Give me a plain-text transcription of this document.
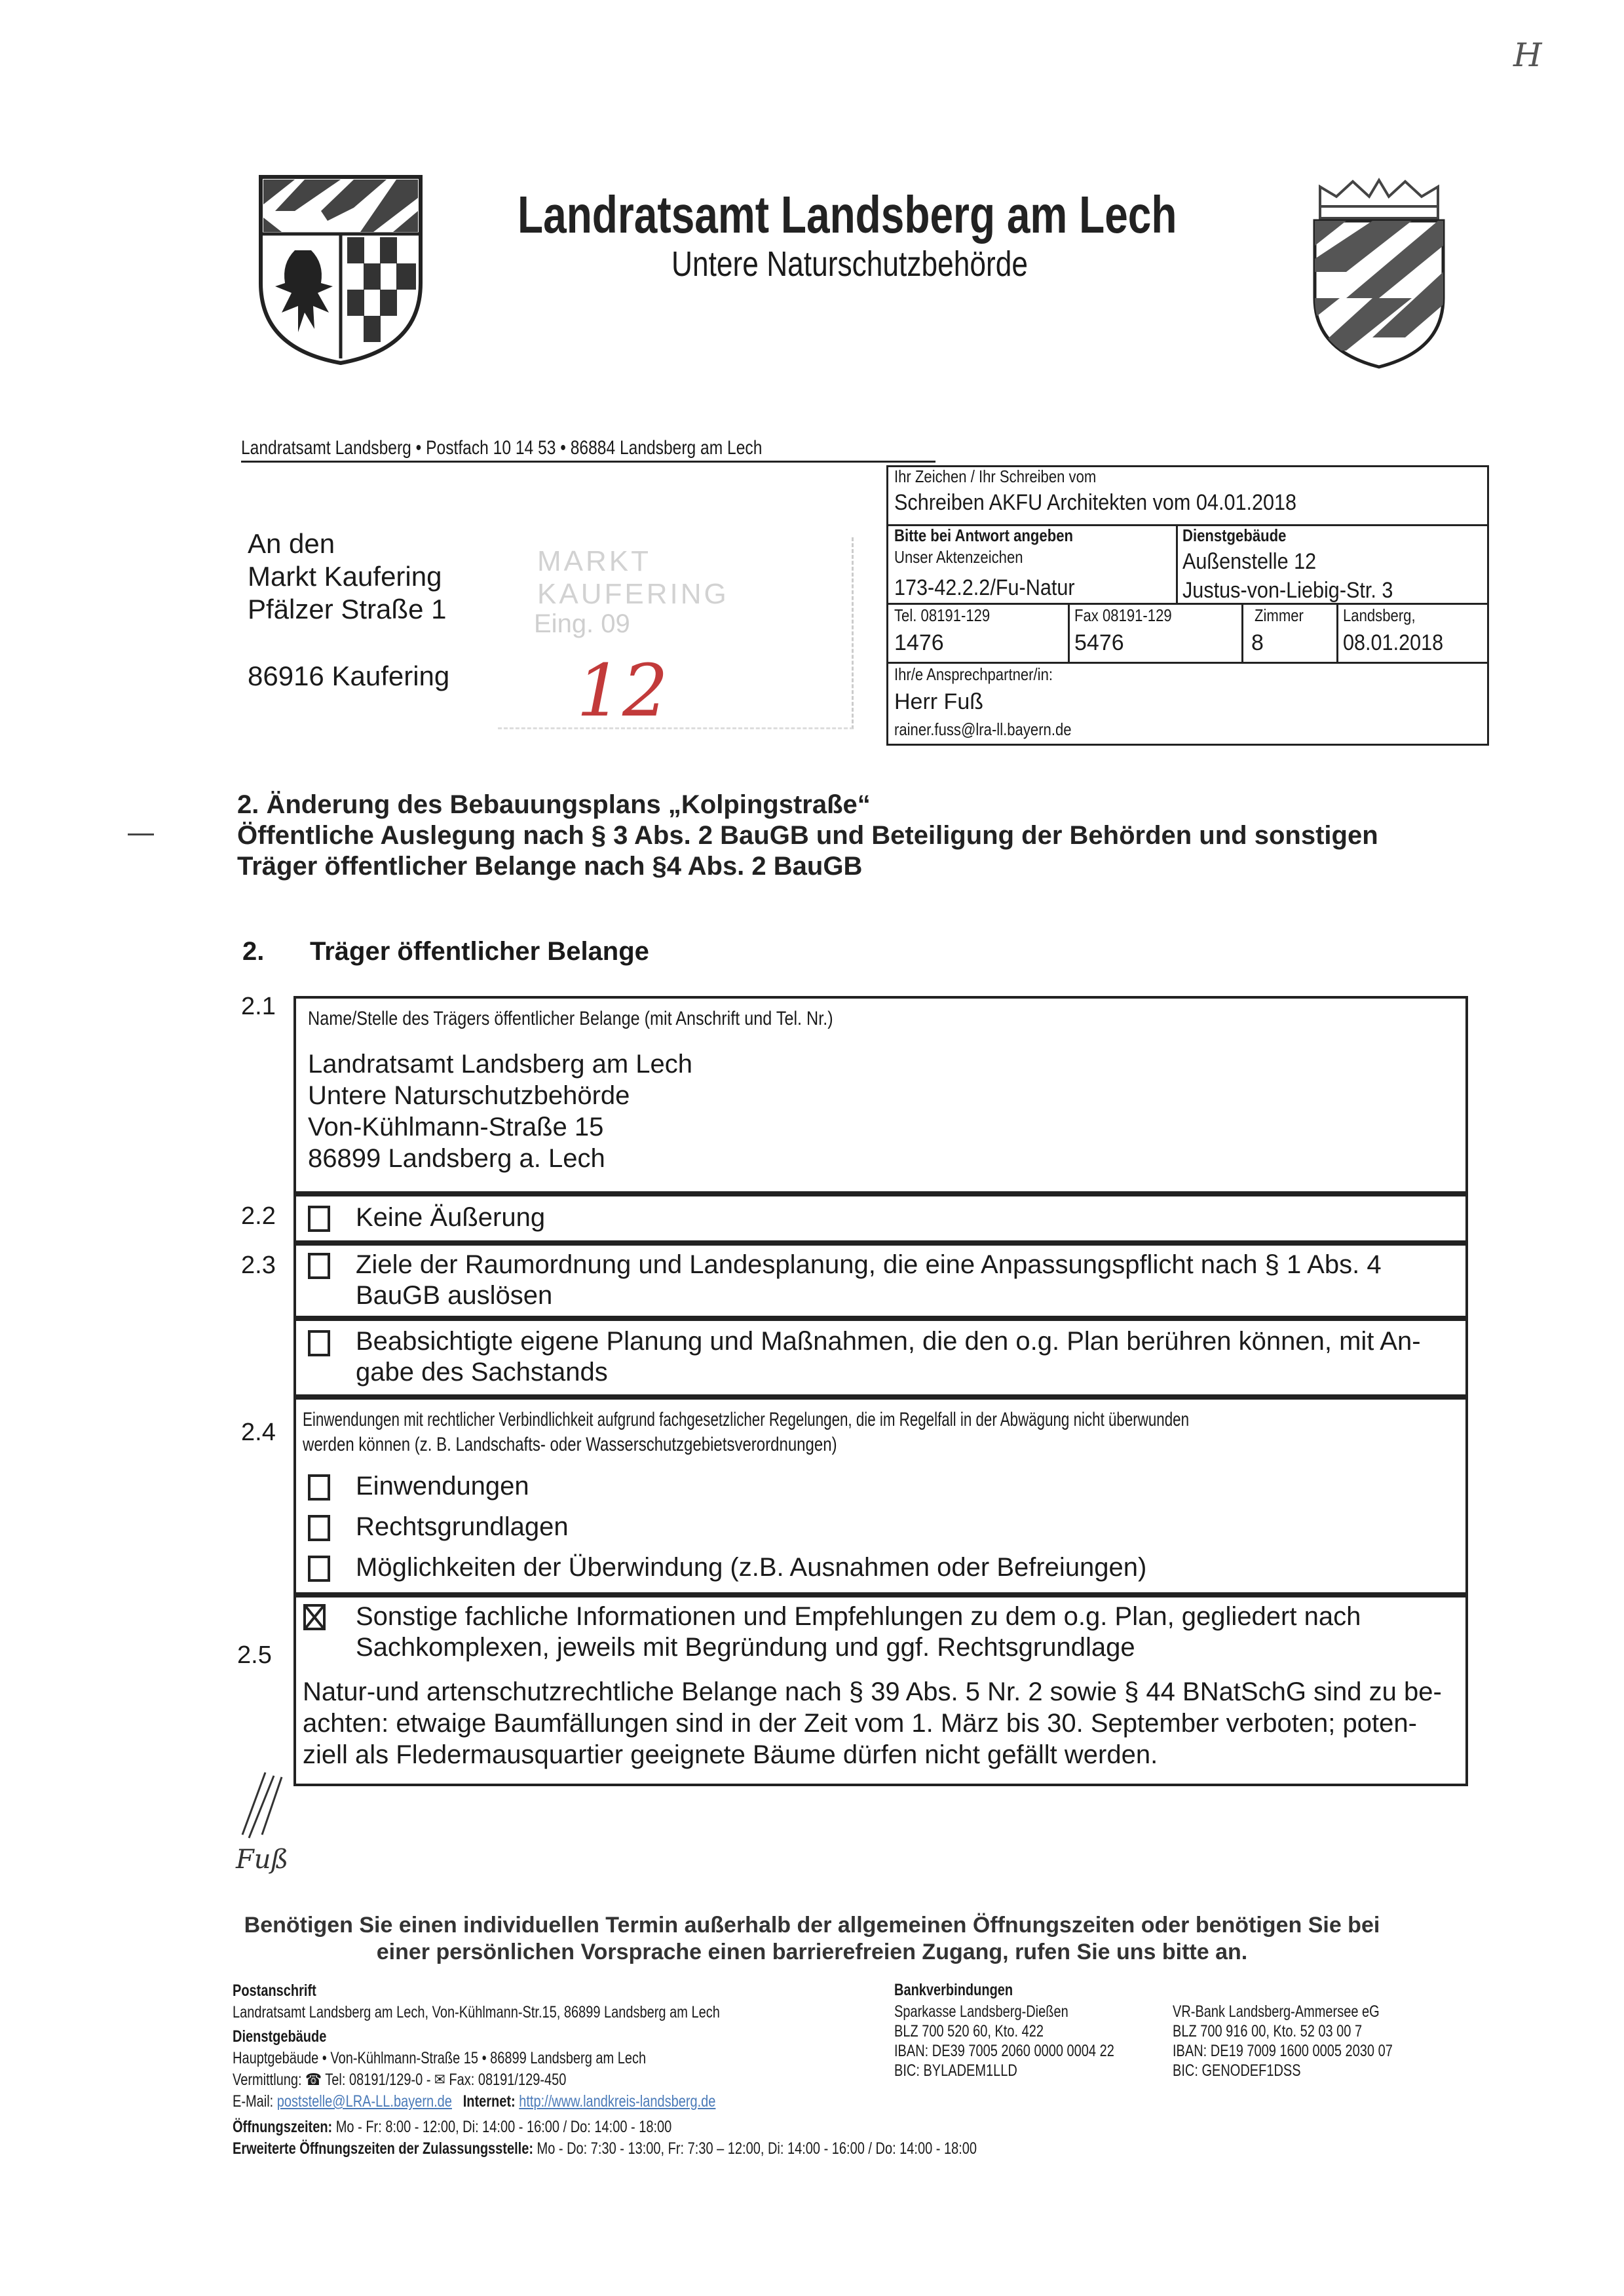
H
Landratsamt Landsberg am Lech
Untere Naturschutzbehörde
Landratsamt Landsberg • Postfach 10 14 53 • 86884 Landsberg am Lech
An den
Markt Kaufering
Pfälzer Straße 1
86916 Kaufering
MARKT KAUFERING
Eing. 09
12
Ihr Zeichen / Ihr Schreiben vom
Schreiben AKFU Architekten vom 04.01.2018
Bitte bei Antwort angeben
Unser Aktenzeichen
173-42.2.2/Fu-Natur
Dienstgebäude
Außenstelle 12
Justus-von-Liebig-Str. 3
Tel. 08191-129
1476
Fax 08191-129
5476
Zimmer
8
Landsberg,
08.01.2018
Ihr/e Ansprechpartner/in:
Herr Fuß
rainer.fuss@lra-ll.bayern.de
2. Änderung des Bebauungsplans „Kolpingstraße“
Öffentliche Auslegung nach § 3 Abs. 2 BauGB und Beteiligung der Behörden und sonstigen
Träger öffentlicher Belange nach §4 Abs. 2 BauGB
2. Träger öffentlicher Belange
2.1 Name/Stelle des Trägers öffentlicher Belange (mit Anschrift und Tel. Nr.)
Landratsamt Landsberg am Lech
Untere Naturschutzbehörde
Von-Kühlmann-Straße 15
86899 Landsberg a. Lech
2.2	Keine Äußerung
2.3	Ziele der Raumordnung und Landesplanung, die eine Anpassungspflicht nach § 1 Abs. 4
BauGB auslösen
Beabsichtigte eigene Planung und Maßnahmen, die den o.g. Plan berühren können, mit An-
gabe des Sachstands
2.4 Einwendungen mit rechtlicher Verbindlichkeit aufgrund fachgesetzlicher Regelungen, die im Regelfall in der Abwägung nicht überwunden
werden können (z. B. Landschafts- oder Wasserschutzgebietsverordnungen)
Einwendungen
Rechtsgrundlagen
Möglichkeiten der Überwindung (z.B. Ausnahmen oder Befreiungen)
2.5
Sonstige fachliche Informationen und Empfehlungen zu dem o.g. Plan, gegliedert nach
Sachkomplexen, jeweils mit Begründung und ggf. Rechtsgrundlage
Natur-und artenschutzrechtliche Belange nach § 39 Abs. 5 Nr. 2 sowie § 44 BNatSchG sind zu be-
achten: etwaige Baumfällungen sind in der Zeit vom 1. März bis 30. September verboten; poten-
ziell als Fledermausquartier geeignete Bäume dürfen nicht gefällt werden.
Fuß
Benötigen Sie einen individuellen Termin außerhalb der allgemeinen Öffnungszeiten oder benötigen Sie bei
einer persönlichen Vorsprache einen barrierefreien Zugang, rufen Sie uns bitte an.
Postanschrift
Landratsamt Landsberg am Lech, Von-Kühlmann-Str.15, 86899 Landsberg am Lech
Dienstgebäude
Hauptgebäude • Von-Kühlmann-Straße 15 • 86899 Landsberg am Lech
Vermittlung: ☎ Tel: 08191/129-0 - ✉ Fax: 08191/129-450
E-Mail: poststelle@LRA-LL.bayern.de Internet: http://www.landkreis-landsberg.de
Öffnungszeiten: Mo - Fr: 8:00 - 12:00, Di: 14:00 - 16:00 / Do: 14:00 - 18:00
Erweiterte Öffnungszeiten der Zulassungsstelle: Mo - Do: 7:30 - 13:00, Fr: 7:30 – 12:00, Di: 14:00 - 16:00 / Do: 14:00 - 18:00
Bankverbindungen
Sparkasse Landsberg-Dießen
BLZ 700 520 60, Kto. 422
IBAN: DE39 7005 2060 0000 0004 22
BIC: BYLADEM1LLD
VR-Bank Landsberg-Ammersee eG
BLZ 700 916 00, Kto. 52 03 00 7
IBAN: DE19 7009 1600 0005 2030 07
BIC: GENODEF1DSS
